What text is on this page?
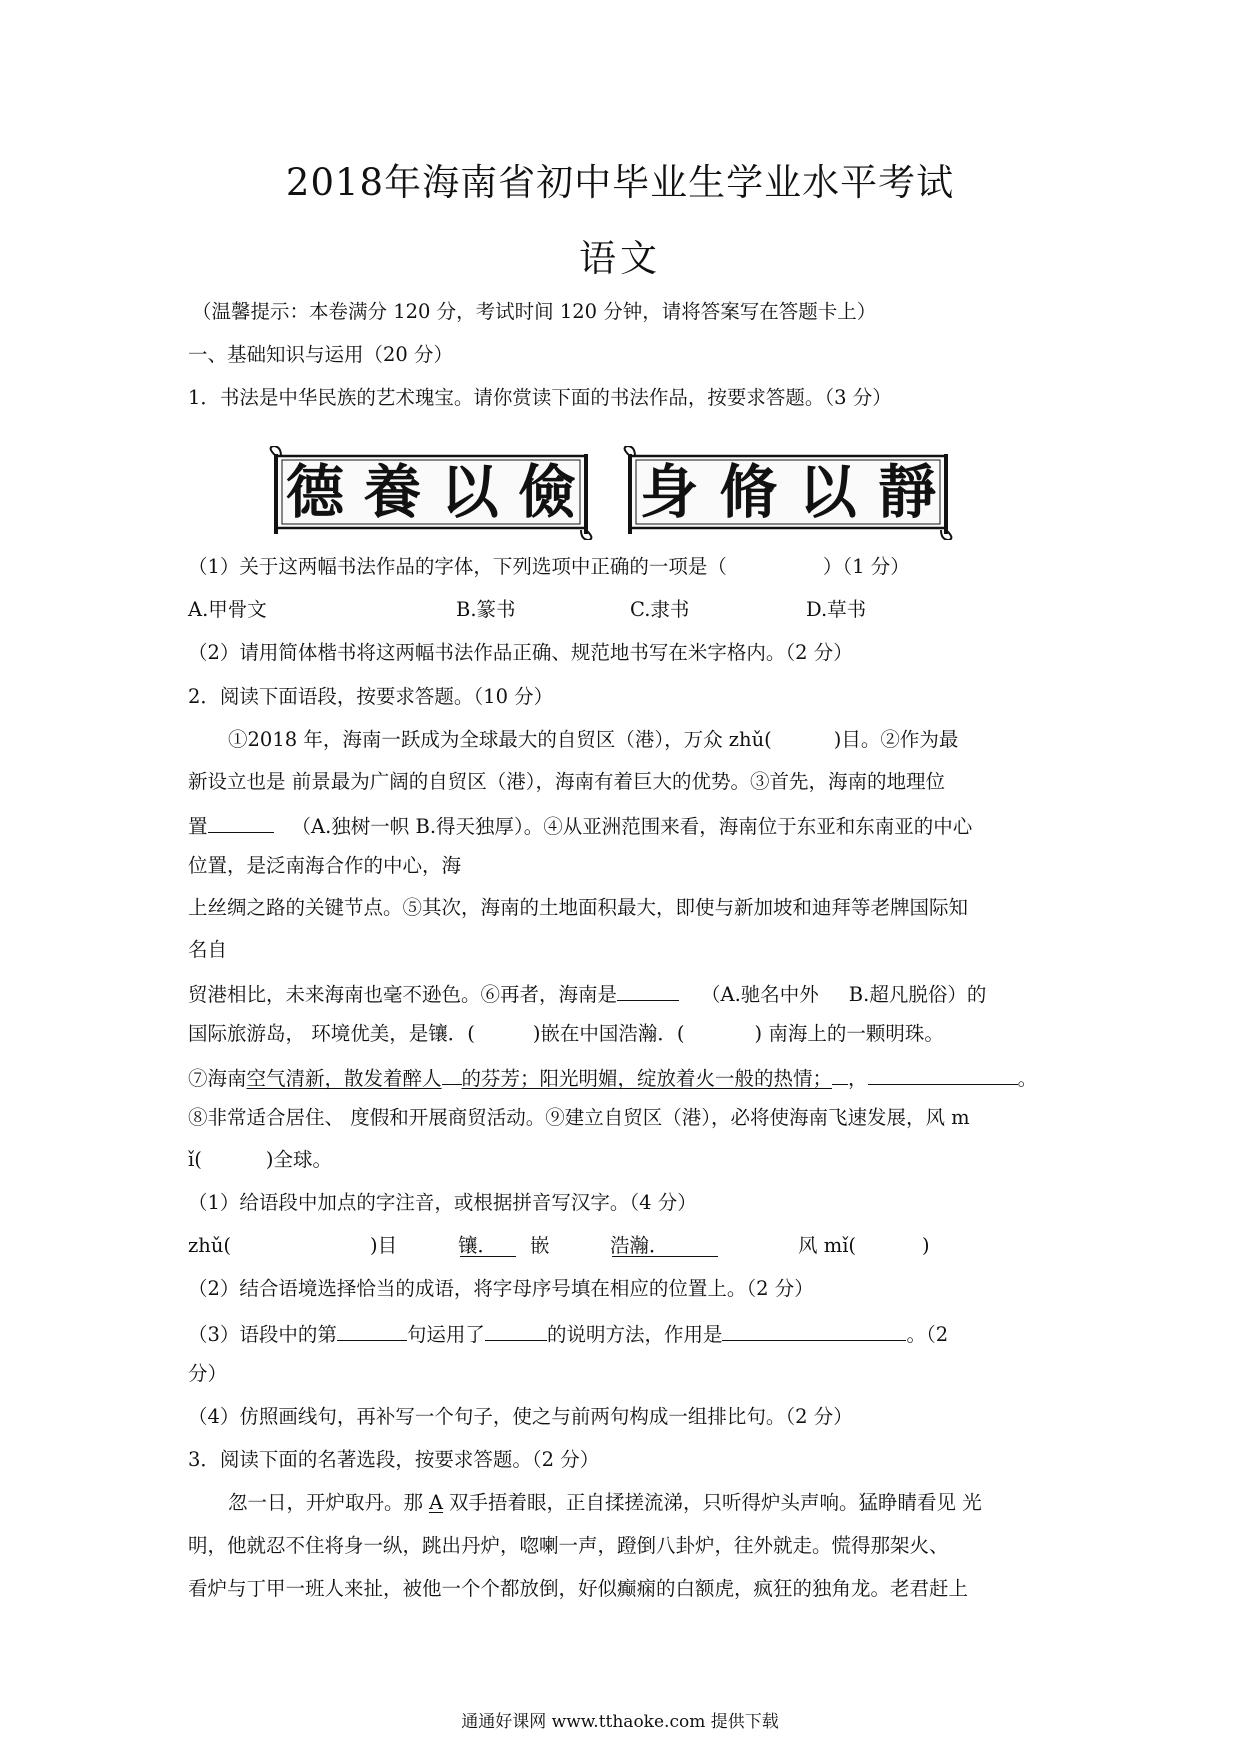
2018年海南省初中毕业生学业水平考试
语文
（温馨提示：本卷满分 120 分，考试时间 120 分钟，请将答案写在答题卡上）
一、基础知识与运用（20 分）
1．书法是中华民族的艺术瑰宝。请你赏读下面的书法作品，按要求答题。（3 分）
德養以儉 身脩以靜
（1）关于这两幅书法作品的字体，下列选项中正确的一项是（	）（1 分）
A.甲骨文	B.篆书	C.隶书	D.草书
（2）请用简体楷书将这两幅书法作品正确、规范地书写在米字格内。（2 分）
2．阅读下面语段，按要求答题。（10 分）
①2018 年，海南一跃成为全球最大的自贸区（港），万众 zhǔ(	)目。②作为最
新设立也是 前景最为广阔的自贸区（港），海南有着巨大的优势。③首先，海南的地理位
置	（A.独树一帜 B.得天独厚）。④从亚洲范围来看，海南位于东亚和东南亚的中心
位置，是泛南海合作的中心，海
上丝绸之路的关键节点。⑤其次，海南的土地面积最大，即使与新加坡和迪拜等老牌国际知
名自
贸港相比，未来海南也毫不逊色。⑥再者，海南是	（A.驰名中外 B.超凡脱俗）的
国际旅游岛， 环境优美，是镶．(	)嵌在中国浩瀚．(	) 南海上的一颗明珠。
⑦海南空气清新，散发着醉人 的芬芳；阳光明媚，绽放着火一般的热情； ，	。
⑧非常适合居住、 度假和开展商贸活动。⑨建立自贸区（港），必将使海南飞速发展，风 m
ǐ(	)全球。
（1）给语段中加点的字注音，或根据拼音写汉字。（4 分）
zhǔ(	)目	镶． 嵌	浩瀚．	风 mǐ(	)
（2）结合语境选择恰当的成语，将字母序号填在相应的位置上。（2 分）
（3）语段中的第	句运用了	的说明方法，作用是	。（2
分）
（4）仿照画线句，再补写一个句子，使之与前两句构成一组排比句。（2 分）
3．阅读下面的名著选段，按要求答题。（2 分）
忽一日，开炉取丹。那 A 双手捂着眼，正自揉搓流涕，只听得炉头声响。猛睁睛看见 光
明，他就忍不住将身一纵，跳出丹炉，唿喇一声，蹬倒八卦炉，往外就走。慌得那架火、
看炉与丁甲一班人来扯，被他一个个都放倒，好似癫痫的白额虎，疯狂的独角龙。老君赶上
通通好课网 www.tthaoke.com 提供下载
